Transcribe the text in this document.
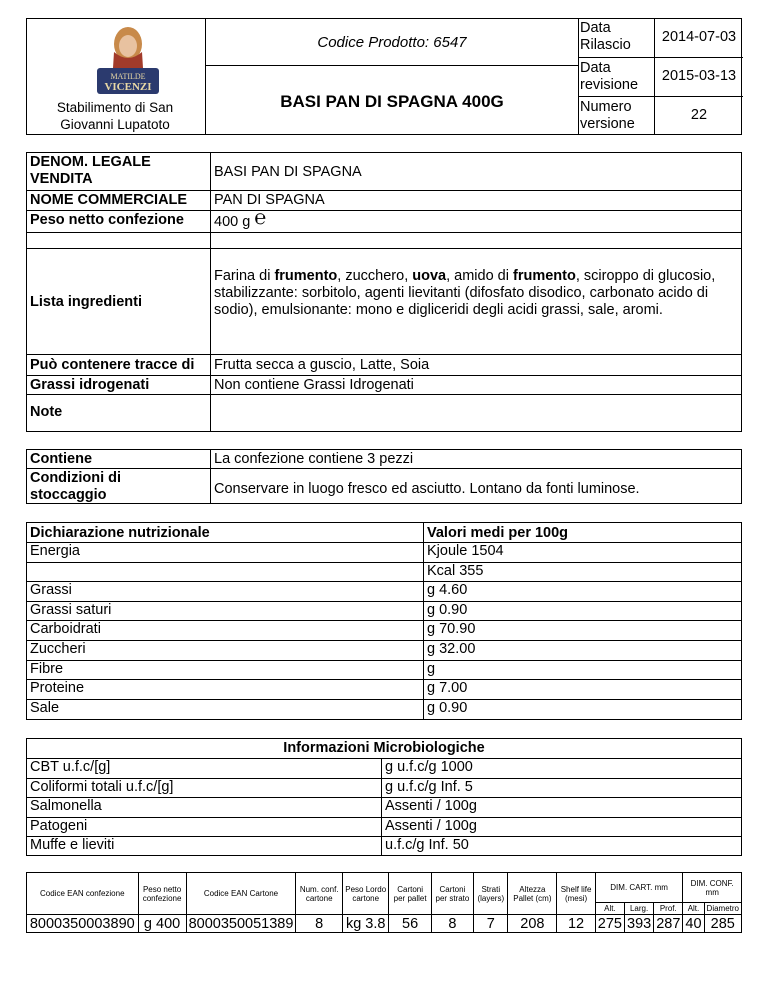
MATILDE
VICENZI
Stabilimento di San Giovanni Lupatoto
Codice Prodotto: 6547
BASI PAN DI SPAGNA 400G
Data Rilascio	2014-07-03
Data revisione	2015-03-13
Numero versione	22
DENOM. LEGALE VENDITA	BASI PAN DI SPAGNA
NOME COMMERCIALE PAN DI SPAGNA
Peso netto confezione 400 g ℮
Lista ingredienti
Farina di frumento, zucchero, uova, amido di frumento, sciroppo di glucosio, stabilizzante: sorbitolo, agenti lievitanti (difosfato disodico, carbonato acido di sodio), emulsionante: mono e digliceridi degli acidi grassi, sale, aromi.
Può contenere tracce di Frutta secca a guscio, Latte, Soia
Grassi idrogenati	Non contiene Grassi Idrogenati
Note
Contiene	La confezione contiene 3 pezzi
Condizioni di stoccaggio	Conservare in luogo fresco ed asciutto. Lontano da fonti luminose.
Dichiarazione nutrizionale	Valori medi per 100g
Energia	Kjoule 1504
Kcal 355
Grassi	g 4.60
Grassi saturi	g 0.90
Carboidrati	g 70.90
Zuccheri	g 32.00
Fibre	g
Proteine	g 7.00
Sale	g 0.90
Informazioni Microbiologiche
CBT u.f.c/[g]	g u.f.c/g 1000
Coliformi totali u.f.c/[g]	g u.f.c/g Inf. 5
Salmonella	Assenti / 100g
Patogeni	Assenti / 100g
Muffe e lieviti	u.f.c/g Inf. 50
Codice EAN confezione	Peso netto confezione	Codice EAN Cartone	Num. conf. cartone	Peso Lordo cartone	Cartoni per pallet	Cartoni per strato	Strati (layers)	Altezza Pallet (cm)	Shelf life (mesi)	DIM. CART. mm			DIM. CONF. mm	
										Alt.	Larg.	Prof.	Alt.	Diametro
8000350003890	g 400	8000350051389	8	kg 3.8	56	8	7	208	12	275	393	287	40	285
